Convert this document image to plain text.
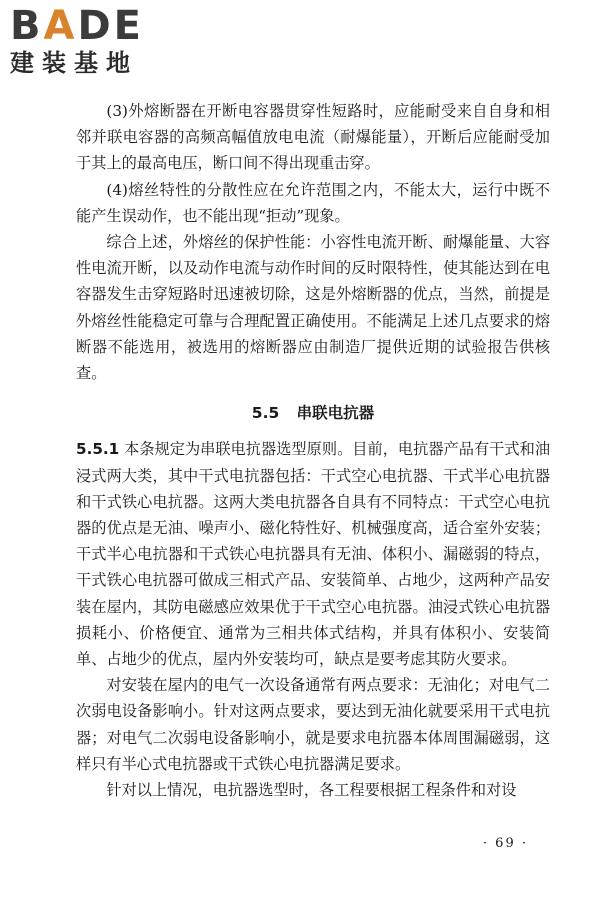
BADE
建装基地

(3)外熔断器在开断电容器贯穿性短路时，应能耐受来自自身和相邻并联电容器的高频高幅值放电电流（耐爆能量），开断后应能耐受加于其上的最高电压，断口间不得出现重击穿。

(4)熔丝特性的分散性应在允许范围之内，不能太大，运行中既不能产生误动作，也不能出现“拒动”现象。

综合上述，外熔丝的保护性能：小容性电流开断、耐爆能量、大容性电流开断，以及动作电流与动作时间的反时限特性，使其能达到在电容器发生击穿短路时迅速被切除，这是外熔断器的优点，当然，前提是外熔丝性能稳定可靠与合理配置正确使用。不能满足上述几点要求的熔断器不能选用，被选用的熔断器应由制造厂提供近期的试验报告供核查。

5.5 串联电抗器

5.5.1 本条规定为串联电抗器选型原则。目前，电抗器产品有干式和油浸式两大类，其中干式电抗器包括：干式空心电抗器、干式半心电抗器和干式铁心电抗器。这两大类电抗器各自具有不同特点：干式空心电抗器的优点是无油、噪声小、磁化特性好、机械强度高，适合室外安装；干式半心电抗器和干式铁心电抗器具有无油、体积小、漏磁弱的特点，干式铁心电抗器可做成三相式产品、安装简单、占地少，这两种产品安装在屋内，其防电磁感应效果优于干式空心电抗器。油浸式铁心电抗器损耗小、价格便宜、通常为三相共体式结构，并具有体积小、安装简单、占地少的优点，屋内外安装均可，缺点是要考虑其防火要求。

对安装在屋内的电气一次设备通常有两点要求：无油化；对电气二次弱电设备影响小。针对这两点要求，要达到无油化就要采用干式电抗器；对电气二次弱电设备影响小，就是要求电抗器本体周围漏磁弱，这样只有半心式电抗器或干式铁心电抗器满足要求。

针对以上情况，电抗器选型时，各工程要根据工程条件和对设

· 69 ·
